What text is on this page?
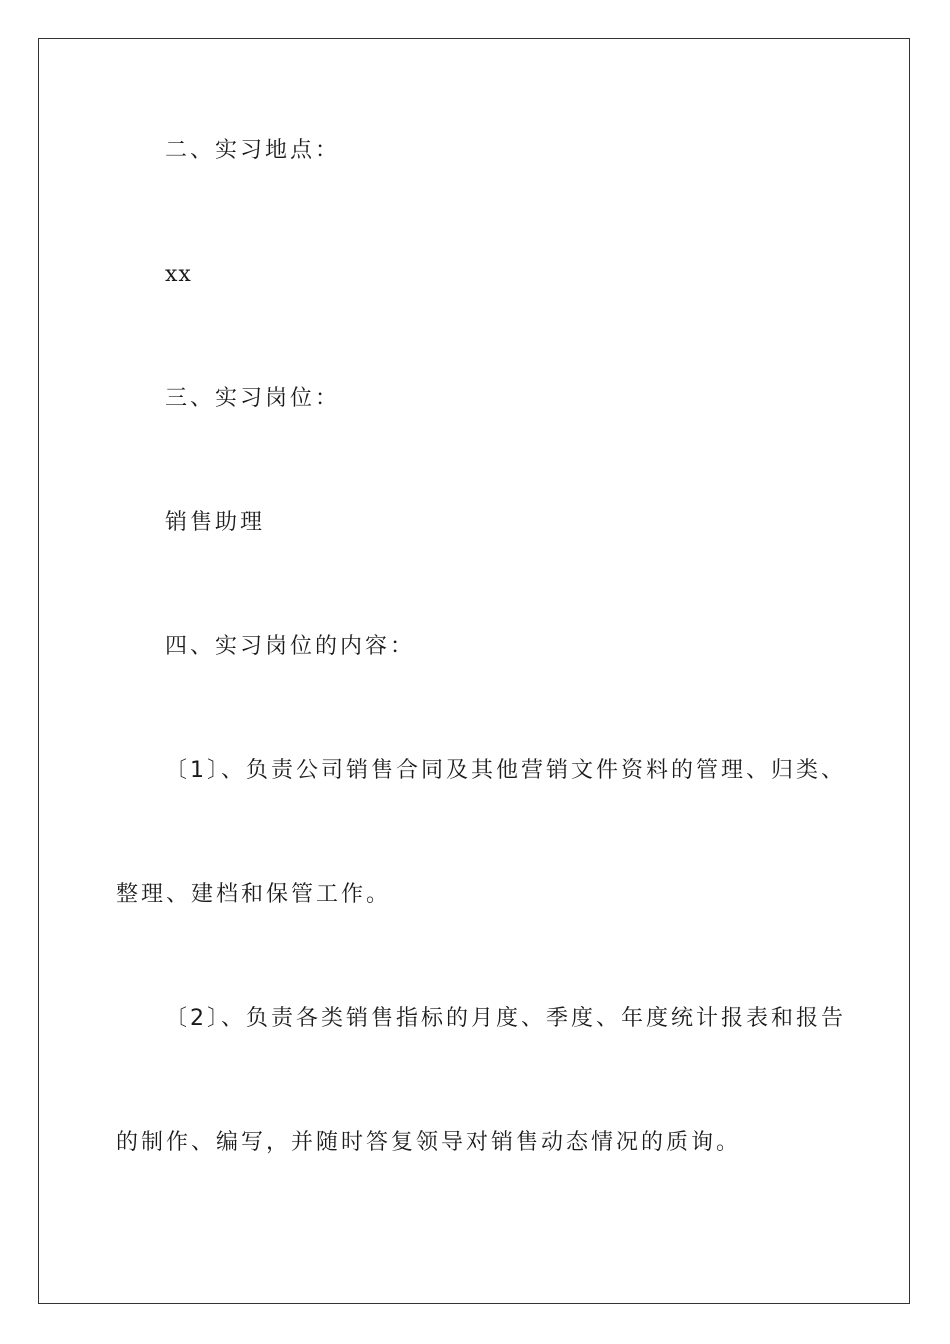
二、实习地点：

xx

三、实习岗位：

销售助理

四、实习岗位的内容：

〔1〕、负责公司销售合同及其他营销文件资料的管理、归类、

整理、建档和保管工作。

〔2〕、负责各类销售指标的月度、季度、年度统计报表和报告

的制作、编写，并随时答复领导对销售动态情况的质询。
